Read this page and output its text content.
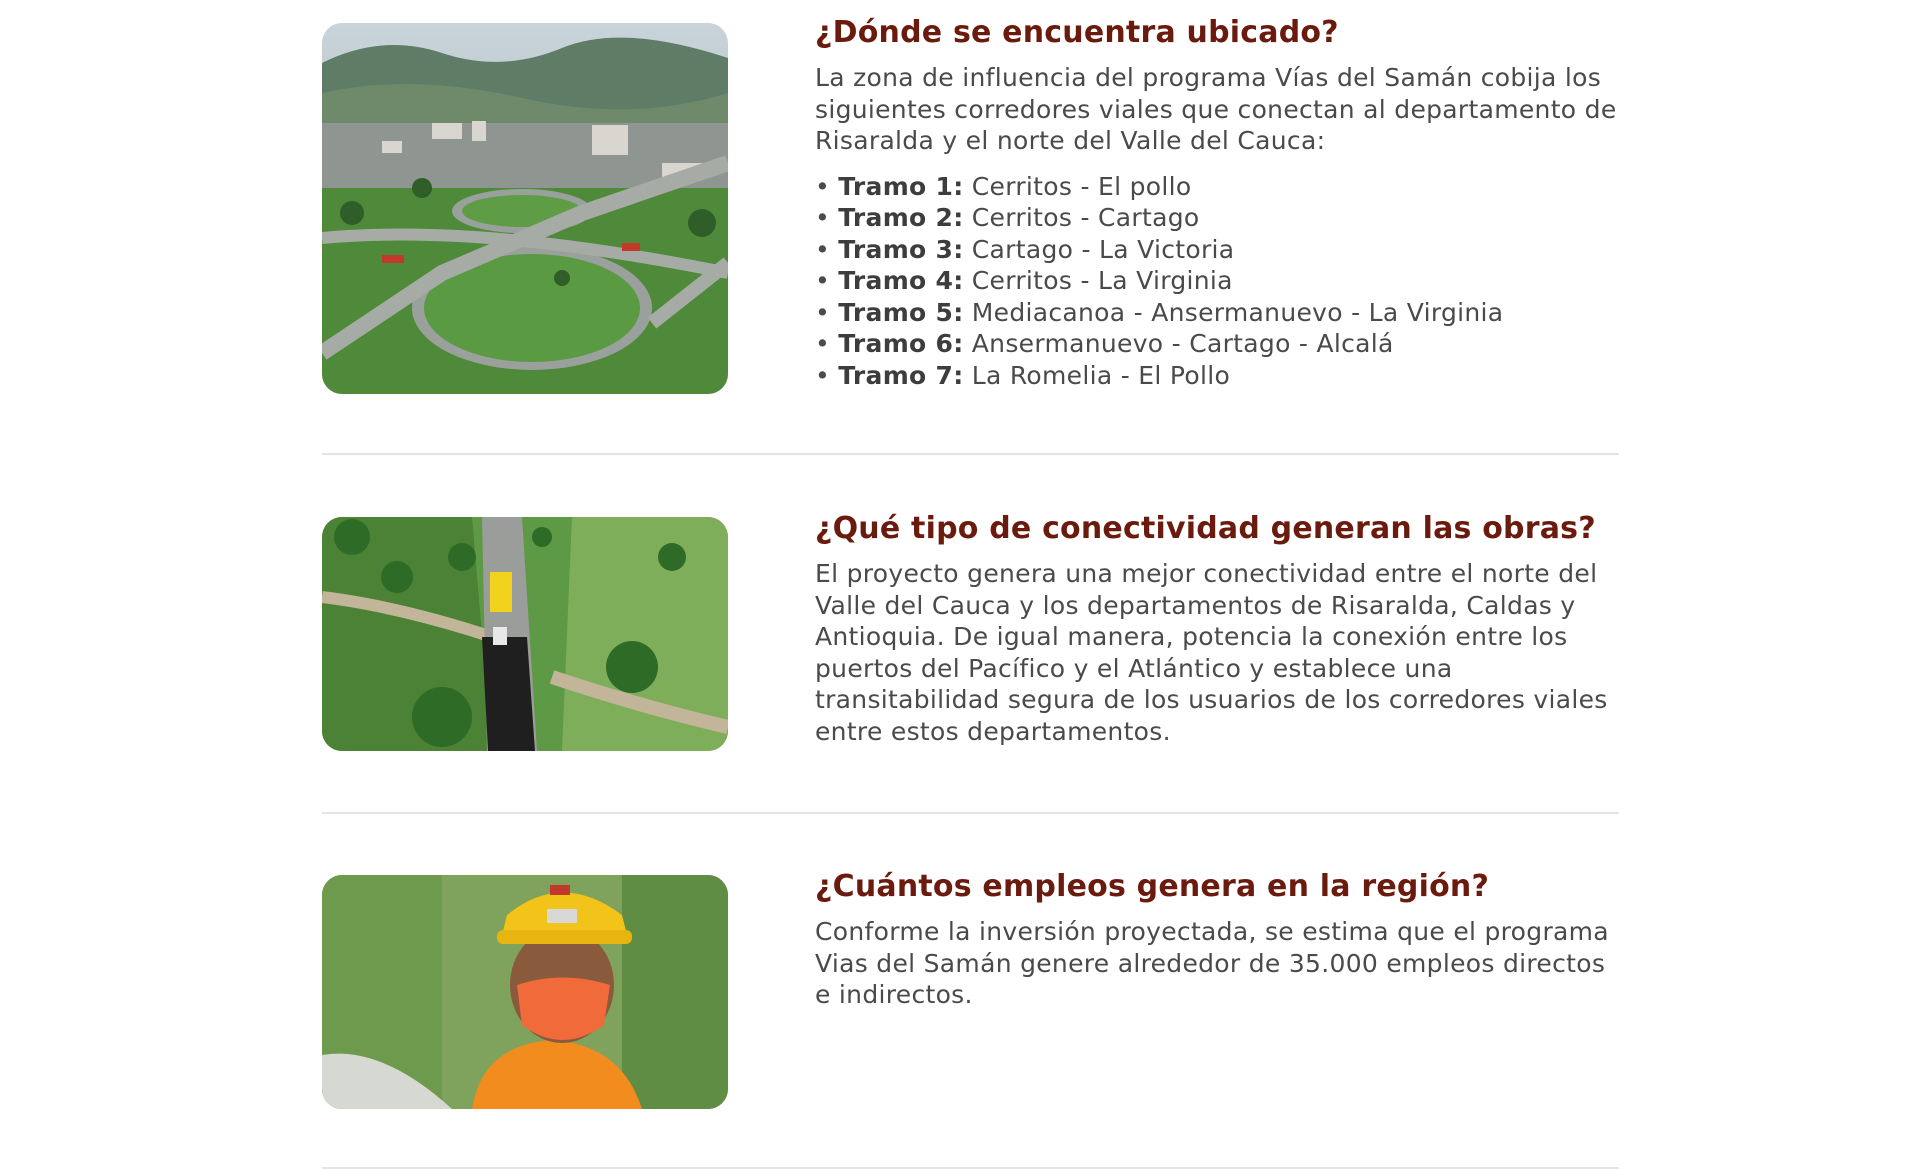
¿Dónde se encuentra ubicado?

La zona de influencia del programa Vías del Samán cobija los siguientes corredores viales que conectan al departamento de Risaralda y el norte del Valle del Cauca:

• Tramo 1: Cerritos - El pollo
• Tramo 2: Cerritos - Cartago
• Tramo 3: Cartago - La Victoria
• Tramo 4: Cerritos - La Virginia
• Tramo 5: Mediacanoa - Ansermanuevo - La Virginia
• Tramo 6: Ansermanuevo - Cartago - Alcalá
• Tramo 7: La Romelia - El Pollo
¿Qué tipo de conectividad generan las obras?

El proyecto genera una mejor conectividad entre el norte del Valle del Cauca y los departamentos de Risaralda, Caldas y Antioquia. De igual manera, potencia la conexión entre los puertos del Pacífico y el Atlántico y establece una transitabilidad segura de los usuarios de los corredores viales entre estos departamentos.

¿Cuántos empleos genera en la región?

Conforme la inversión proyectada, se estima que el programa Vias del Samán genere alrededor de 35.000 empleos directos e indirectos.
